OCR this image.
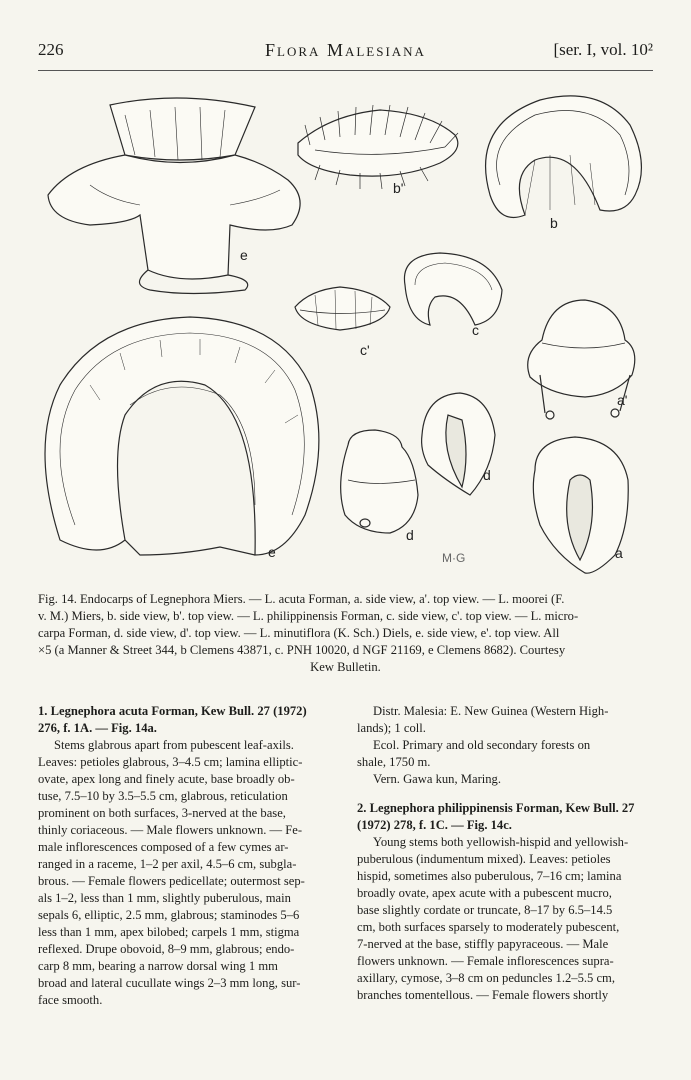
226	Flora Malesiana	[ser. I, vol. 10²
b'
b
e
c'
c
a'
d
d
e	a
M·G
Fig. 14. Endocarps of Legnephora Miers. — L. acuta Forman, a. side view, a'. top view. — L. moorei (F.
v. M.) Miers, b. side view, b'. top view. — L. philippinensis Forman, c. side view, c'. top view. — L. micro-
carpa Forman, d. side view, d'. top view. — L. minutiflora (K. Sch.) Diels, e. side view, e'. top view. All
×5 (a Manner & Street 344, b Clemens 43871, c. PNH 10020, d NGF 21169, e Clemens 8682). Courtesy
Kew Bulletin.

1. Legnephora acuta Forman, Kew Bull. 27 (1972)

276, f. 1A. — Fig. 14a.

Stems glabrous apart from pubescent leaf-axils.

Leaves: petioles glabrous, 3–4.5 cm; lamina elliptic-

ovate, apex long and finely acute, base broadly ob-

tuse, 7.5–10 by 3.5–5.5 cm, glabrous, reticulation

prominent on both surfaces, 3-nerved at the base,

thinly coriaceous. — Male flowers unknown. — Fe-

male inflorescences composed of a few cymes ar-

ranged in a raceme, 1–2 per axil, 4.5–6 cm, subgla-

brous. — Female flowers pedicellate; outermost sep-

als 1–2, less than 1 mm, slightly puberulous, main

sepals 6, elliptic, 2.5 mm, glabrous; staminodes 5–6

less than 1 mm, apex bilobed; carpels 1 mm, stigma

reflexed. Drupe obovoid, 8–9 mm, glabrous; endo-

carp 8 mm, bearing a narrow dorsal wing 1 mm

broad and lateral cucullate wings 2–3 mm long, sur-

face smooth.

Distr. Malesia: E. New Guinea (Western High-

lands); 1 coll.

Ecol. Primary and old secondary forests on

shale, 1750 m.

Vern. Gawa kun, Maring.

2. Legnephora philippinensis Forman, Kew Bull. 27

(1972) 278, f. 1C. — Fig. 14c.

Young stems both yellowish-hispid and yellowish-

puberulous (indumentum mixed). Leaves: petioles

hispid, sometimes also puberulous, 7–16 cm; lamina

broadly ovate, apex acute with a pubescent mucro,

base slightly cordate or truncate, 8–17 by 6.5–14.5

cm, both surfaces sparsely to moderately pubescent,

7-nerved at the base, stiffly papyraceous. — Male

flowers unknown. — Female inflorescences supra-

axillary, cymose, 3–8 cm on peduncles 1.2–5.5 cm,

branches tomentellous. — Female flowers shortly
